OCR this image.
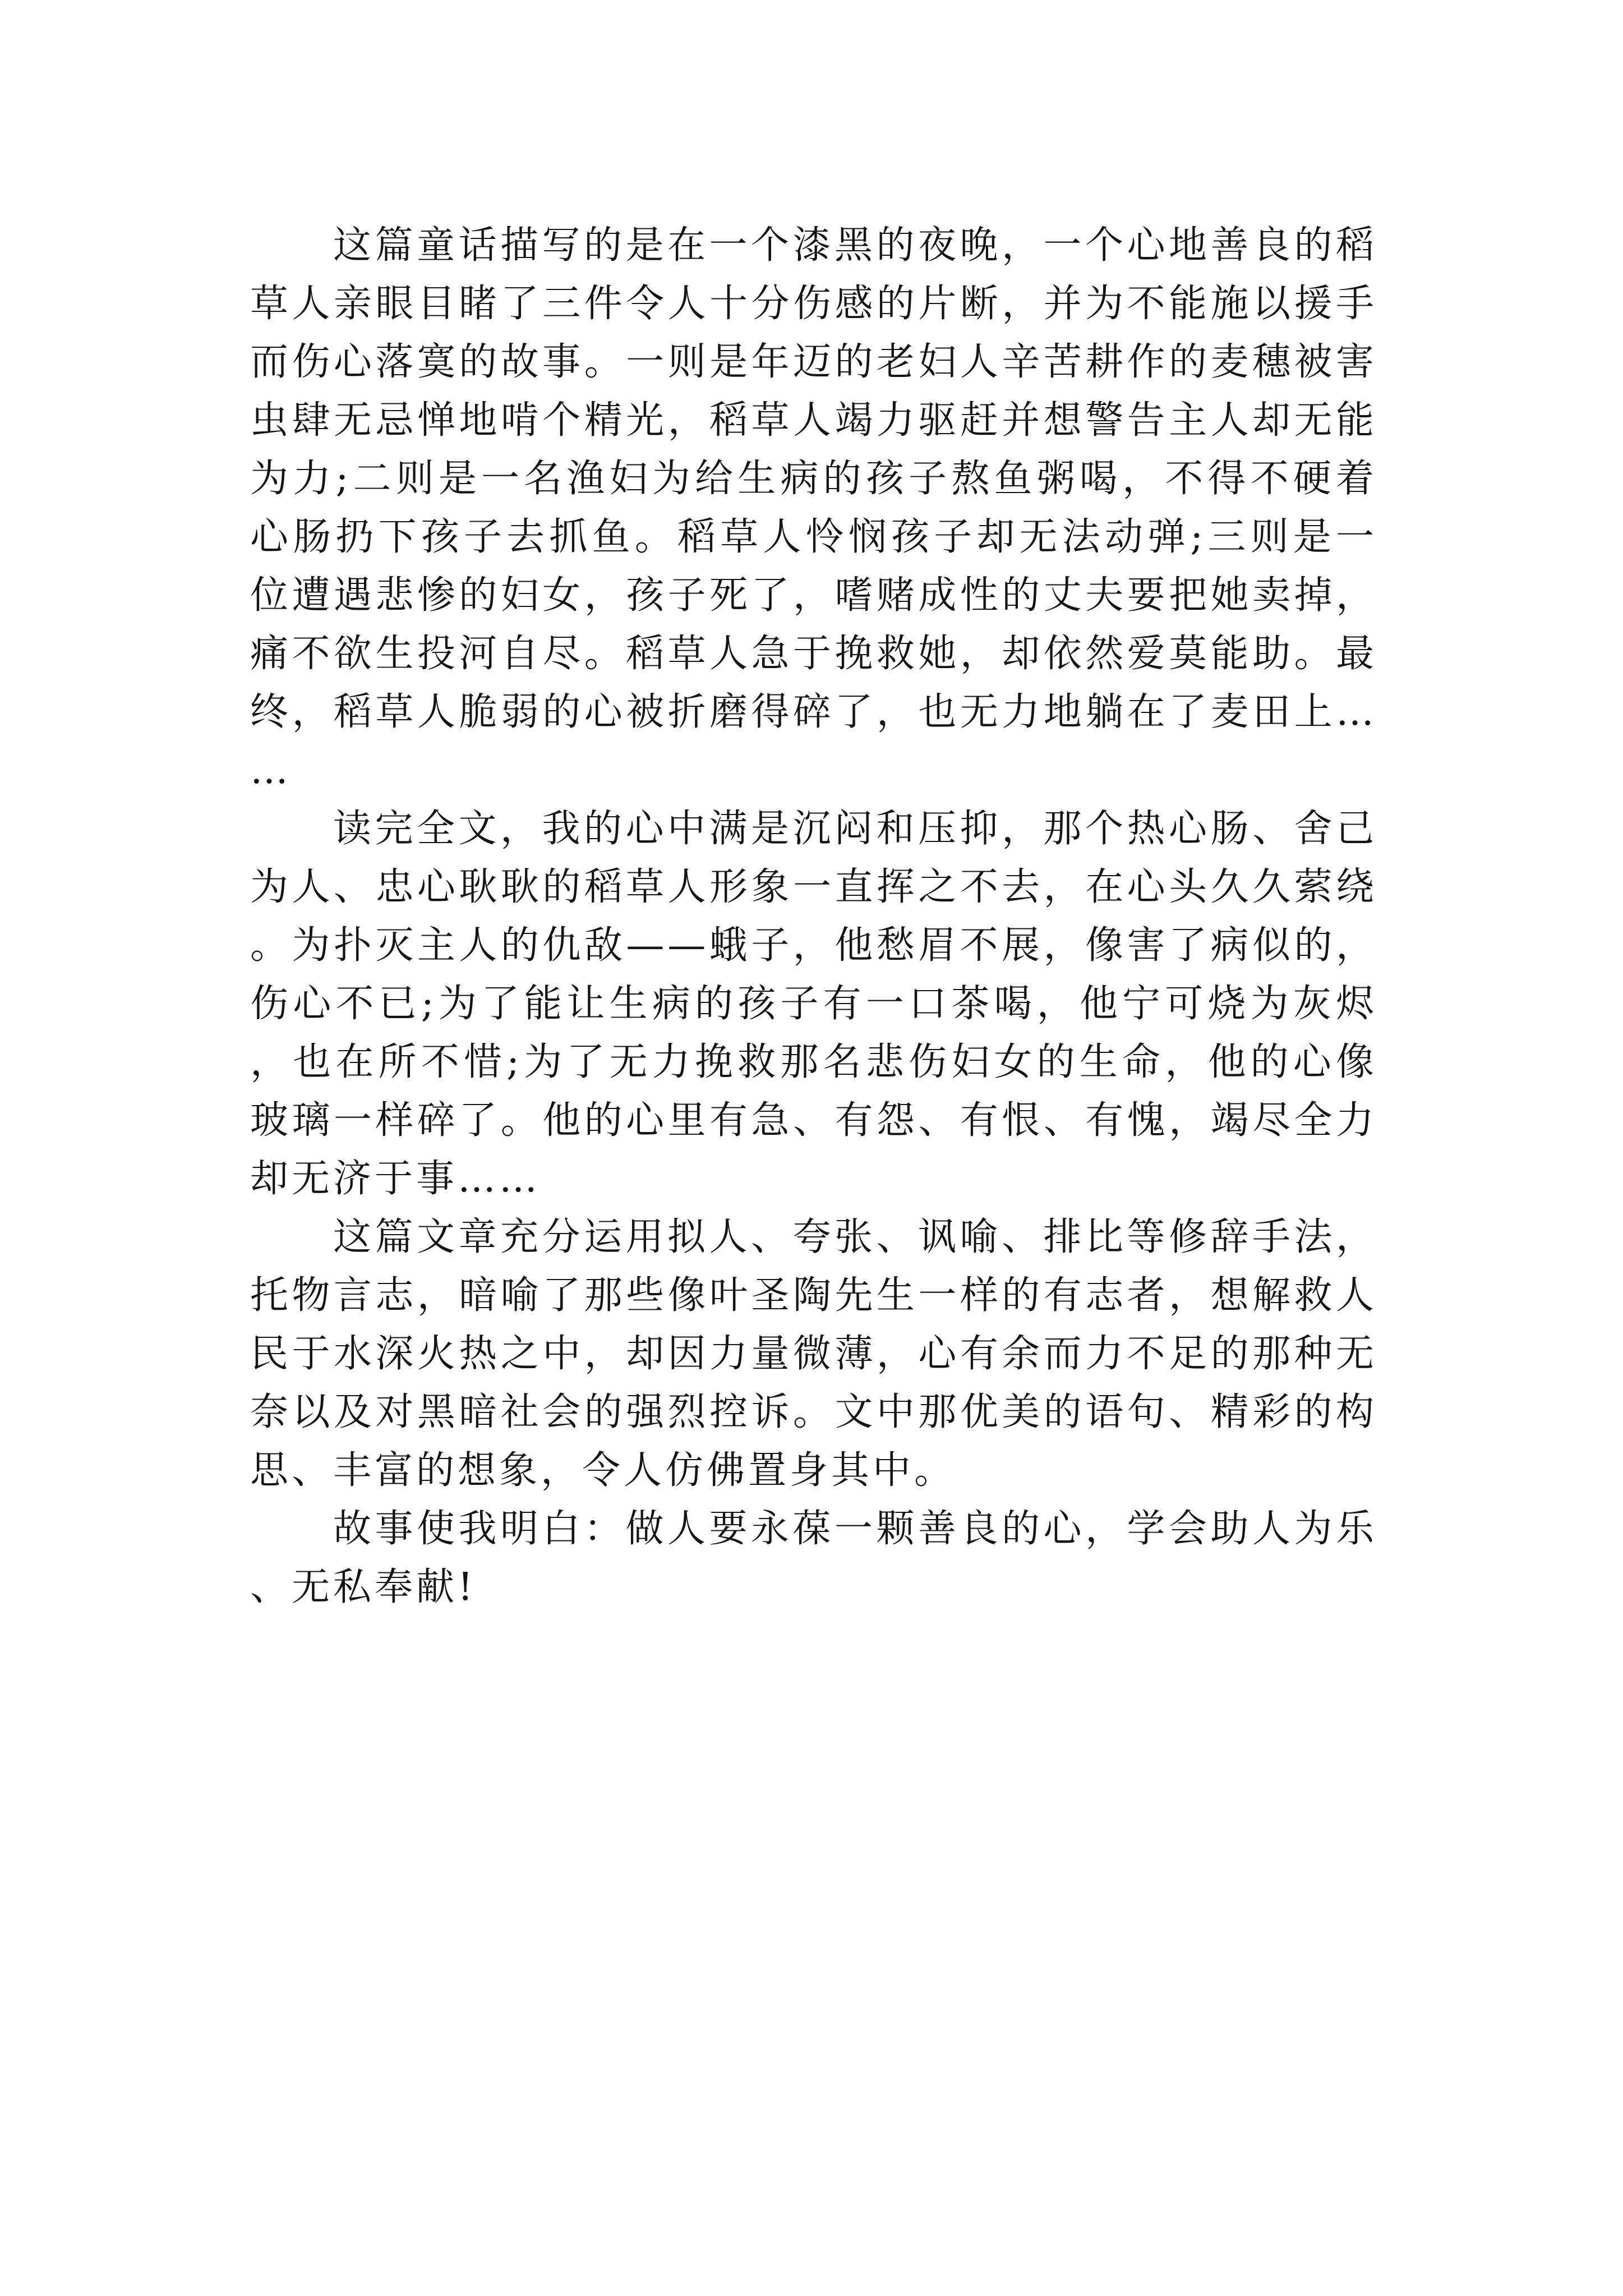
这篇童话描写的是在一个漆黑的夜晚，一个心地善良的稻草人亲眼目睹了三件令人十分伤感的片断，并为不能施以援手而伤心落寞的故事。一则是年迈的老妇人辛苦耕作的麦穗被害虫肆无忌惮地啃个精光，稻草人竭力驱赶并想警告主人却无能为力;二则是一名渔妇为给生病的孩子熬鱼粥喝，不得不硬着心肠扔下孩子去抓鱼。稻草人怜悯孩子却无法动弹;三则是一位遭遇悲惨的妇女，孩子死了，嗜赌成性的丈夫要把她卖掉，痛不欲生投河自尽。稻草人急于挽救她，却依然爱莫能助。最终，稻草人脆弱的心被折磨得碎了，也无力地躺在了麦田上……

读完全文，我的心中满是沉闷和压抑，那个热心肠、舍己为人、忠心耿耿的稻草人形象一直挥之不去，在心头久久萦绕。为扑灭主人的仇敌——蛾子，他愁眉不展，像害了病似的，伤心不已;为了能让生病的孩子有一口茶喝，他宁可烧为灰烬，也在所不惜;为了无力挽救那名悲伤妇女的生命，他的心像玻璃一样碎了。他的心里有急、有怨、有恨、有愧，竭尽全力却无济于事……

这篇文章充分运用拟人、夸张、讽喻、排比等修辞手法，托物言志，暗喻了那些像叶圣陶先生一样的有志者，想解救人民于水深火热之中，却因力量微薄，心有余而力不足的那种无奈以及对黑暗社会的强烈控诉。文中那优美的语句、精彩的构思、丰富的想象，令人仿佛置身其中。

故事使我明白：做人要永葆一颗善良的心，学会助人为乐、无私奉献!
